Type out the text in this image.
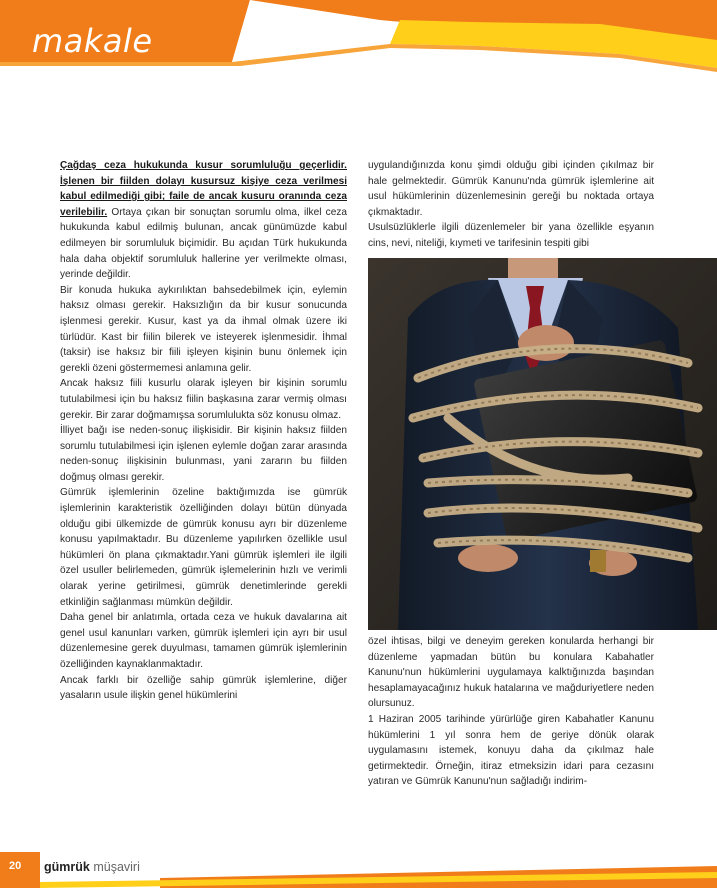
makale

Çağdaş ceza hukukunda kusur sorumluluğu geçerlidir. İşlenen bir fiilden dolayı kusursuz kişiye ceza verilmesi kabul edilmediği gibi; faile de ancak kusuru oranında ceza verilebilir. Ortaya çıkan bir sonuçtan sorumlu olma, ilkel ceza hukukunda kabul edilmiş bulunan, ancak günümüzde kabul edilmeyen bir sorumluluk biçimidir. Bu açıdan Türk hukukunda hala daha objektif sorumluluk hallerine yer verilmekte olması, yerinde değildir.

Bir konuda hukuka aykırılıktan bahsedebilmek için, eylemin haksız olması gerekir. Haksızlığın da bir kusur sonucunda işlenmesi gerekir. Kusur, kast ya da ihmal olmak üzere iki türlüdür. Kast bir fiilin bilerek ve isteyerek işlenmesidir. İhmal (taksir) ise haksız bir fiili işleyen kişinin bunu önlemek için gerekli özeni göstermemesi anlamına gelir.

Ancak haksız fiili kusurlu olarak işleyen bir kişinin sorumlu tutulabilmesi için bu haksız fiilin başkasına zarar vermiş olması gerekir. Bir zarar doğmamışsa sorumlulukta söz konusu olmaz.

İlliyet bağı ise neden-sonuç ilişkisidir. Bir kişinin haksız fiilden sorumlu tutulabilmesi için işlenen eylemle doğan zarar arasında neden-sonuç ilişkisinin bulunması, yani zararın bu fiilden doğmuş olması gerekir.

Gümrük işlemlerinin özeline baktığımızda ise gümrük işlemlerinin karakteristik özelliğinden dolayı bütün dünyada olduğu gibi ülkemizde de gümrük konusu ayrı bir düzenleme konusu yapılmaktadır. Bu düzenleme yapılırken özellikle usul hükümleri ön plana çıkmaktadır.Yani gümrük işlemleri ile ilgili özel usuller belirlemeden, gümrük işlemelerinin hızlı ve verimli olarak yerine getirilmesi, gümrük denetimlerinde gerekli etkinliğin sağlanması mümkün değildir.

Daha genel bir anlatımla, ortada ceza ve hukuk davalarına ait genel usul kanunları varken, gümrük işlemleri için ayrı bir usul düzenlemesine gerek duyulması, tamamen gümrük işlemlerinin özelliğinden kaynaklanmaktadır.

Ancak farklı bir özelliğe sahip gümrük işlemlerine, diğer yasaların usule ilişkin genel hükümlerini

uygulandığınızda konu şimdi olduğu gibi içinden çıkılmaz bir hale gelmektedir. Gümrük Kanunu'nda gümrük işlemlerine ait usul hükümlerinin düzenlemesinin gereği bu noktada ortaya çıkmaktadır.

Usulsüzlüklerle ilgili düzenlemeler bir yana özellikle eşyanın cins, nevi, niteliği, kıymeti ve tarifesinin tespiti gibi

özel ihtisas, bilgi ve deneyim gereken konularda herhangi bir düzenleme yapmadan bütün bu konulara Kabahatler Kanunu'nun hükümlerini uygulamaya kalktığınızda başından hesaplamayacağınız hukuk hatalarına ve mağduriyetlere neden olursunuz.

1 Haziran 2005 tarihinde yürürlüğe giren Kabahatler Kanunu hükümlerini 1 yıl sonra hem de geriye dönük olarak uygulamasını istemek, konuyu daha da çıkılmaz hale getirmektedir. Örneğin, itiraz etmeksizin idari para cezasını yatıran ve Gümrük Kanunu'nun sağladığı indirim-

20 gümrük müşaviri
